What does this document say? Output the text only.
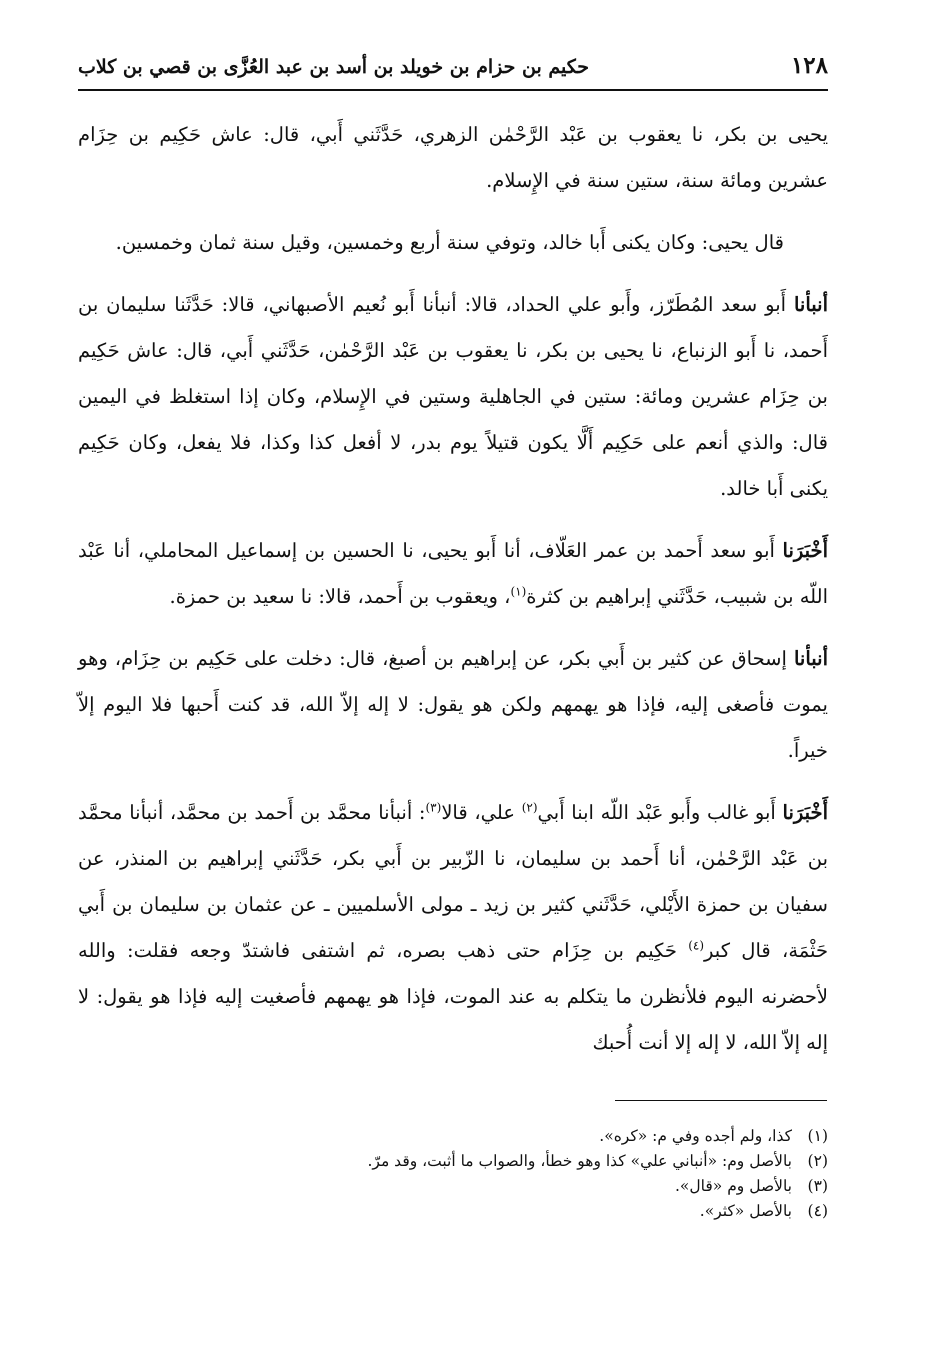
١٢٨
حكيم بن حزام بن خويلد بن أسد بن عبد العُزَّى بن قصي بن كلاب

يحيى بن بكر، نا يعقوب بن عَبْد الرَّحْمٰن الزهري، حَدَّثَني أَبي، قال: عاش حَكِيم بن حِزَام عشرين ومائة سنة، ستين سنة في الإِسلام.

قال يحيى: وكان يكنى أَبا خالد، وتوفي سنة أربع وخمسين، وقيل سنة ثمان وخمسين.

أنبأنا أَبو سعد المُطَرّز، وأَبو علي الحداد، قالا: أنبأنا أَبو نُعيم الأصبهاني، قالا: حَدَّثَنا سليمان بن أَحمد، نا أَبو الزنباع، نا يحيى بن بكر، نا يعقوب بن عَبْد الرَّحْمٰن، حَدَّثَني أَبي، قال: عاش حَكِيم بن حِزَام عشرين ومائة: ستين في الجاهلية وستين في الإِسلام، وكان إذا استغلظ في اليمين قال: والذي أنعم على حَكِيم أَلَّا يكون قتيلاً يوم بدر، لا أفعل كذا وكذا، فلا يفعل، وكان حَكِيم يكنى أَبا خالد.

أَخْبَرَنا أَبو سعد أَحمد بن عمر العَلّاف، أنا أَبو يحيى، نا الحسين بن إسماعيل المحاملي، أنا عَبْد اللّه بن شبيب، حَدَّثَني إبراهيم بن كثرة$^{(١)}$، ويعقوب بن أَحمد، قالا: نا سعيد بن حمزة.

أنبأنا إسحاق عن كثير بن أَبي بكر، عن إبراهيم بن أصبغ، قال: دخلت على حَكِيم بن حِزَام، وهو يموت فأصغى إليه، فإذا هو يهمهم ولكن هو يقول: لا إله إلاّ الله، قد كنت أَحبها فلا اليوم إلاّ خيراً.

أَخْبَرَنا أَبو غالب وأَبو عَبْد اللّه ابنا أَبي$^{(٢)}$ علي، قالا$^{(٣)}$: أنبأنا محمَّد بن أَحمد بن محمَّد، أنبأنا محمَّد بن عَبْد الرَّحْمٰن، أنا أَحمد بن سليمان، نا الزّبير بن أَبي بكر، حَدَّثَني إبراهيم بن المنذر، عن سفيان بن حمزة الأَيْلي، حَدَّثَني كثير بن زيد ـ مولى الأسلميين ـ عن عثمان بن سليمان بن أَبي حَثْمَة، قال كبر$^{(٤)}$ حَكِيم بن حِزَام حتى ذهب بصره، ثم اشتفى فاشتدّ وجعه فقلت: والله لأحضرنه اليوم فلأنظرن ما يتكلم به عند الموت، فإذا هو يهمهم فأصغيت إليه فإذا هو يقول: لا إله إلاّ الله، لا إله إلا أنت أُحبك

(١)كذا، ولم أجده وفي م: «كره».
(٢)بالأصل وم: «أنباني علي» كذا وهو خطأ، والصواب ما أثبت، وقد مرّ.
(٣)بالأصل وم «قال».
(٤)بالأصل «كثر».
